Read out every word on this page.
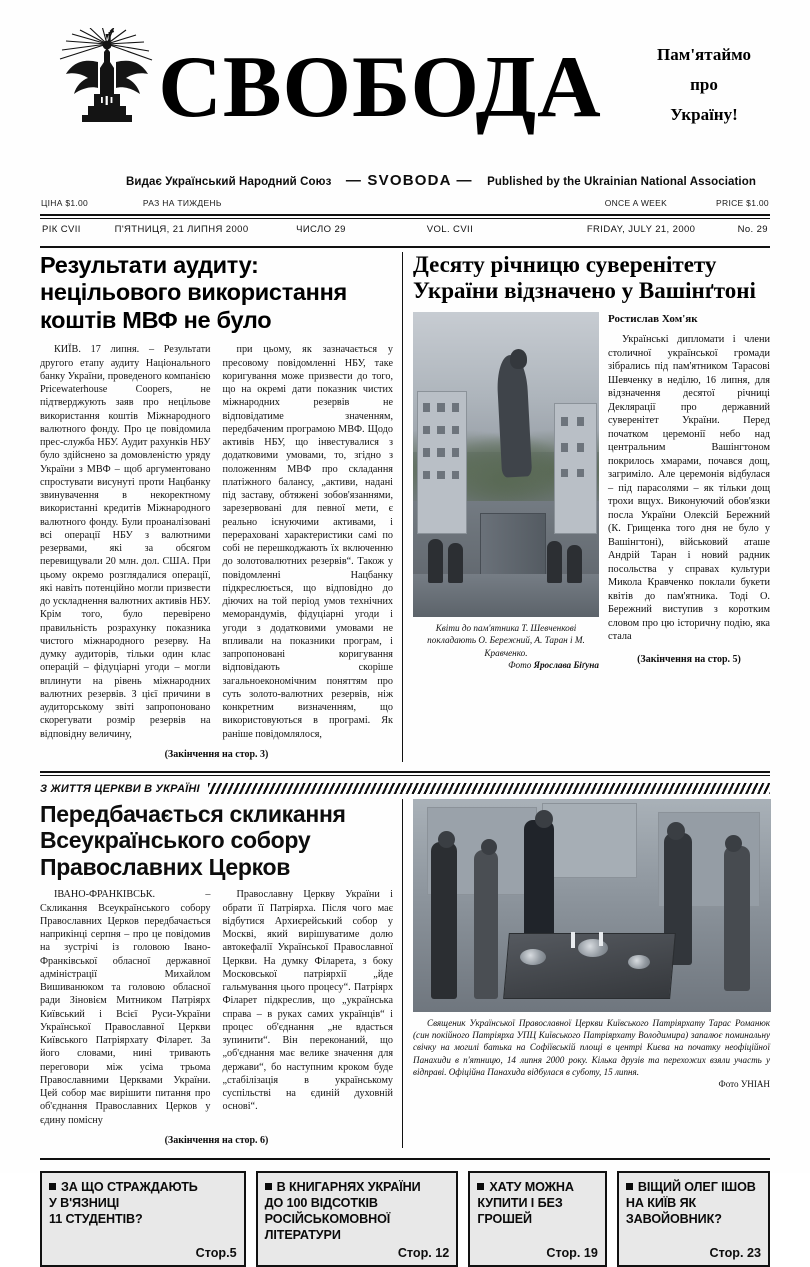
СВОБОДА	Пам'ятаймо
про
Україну!
Видає Український Народний Союз — SVOBODA — Published by the Ukrainian National Association
ЦІНА $1.00	РАЗ НА ТИЖДЕНЬ	ONCE A WEEK	PRICE $1.00
РІК CVII	П'ЯТНИЦЯ, 21 ЛИПНЯ 2000	ЧИСЛО 29	VOL. CVII	FRIDAY, JULY 21, 2000	No. 29
Результати аудиту: нецільового використання коштів МВФ не було

КИЇВ. 17 липня. – Результати другого етапу аудиту Національного банку України, проведеного компанією Pricewaterhouse Coopers, не підтверджують заяв про нецільове використання коштів Міжнародного валютного фонду. Про це повідомила прес-служба НБУ. Аудит рахунків НБУ було здійснено за домовленістю уряду України з МВФ – щоб аргументовано спростувати висунуті проти Нацбанку звинувачення в некоректному використанні кредитів Міжнародного валютного фонду. Були проаналізовані всі операції НБУ з валютними резервами, які за обсягом перевищували 20 млн. дол. США. При цьому окремо розглядалися операції, які навіть потенційно могли призвести до ускладнення валютних активів НБУ. Крім того, було перевірено правильність розрахунку показника чистого міжнародного резерву. На думку аудиторів, тільки один клас операцій – фідуціарні угоди – могли вплинути на рівень міжнародних валютних резервів. З цієї причини в аудиторському звіті запропоновано скорегувати розмір резервів на відповідну величину,

при цьому, як зазначається у пресовому повідомленні НБУ, таке коригування може призвести до того, що на окремі дати показник чистих міжнародних резервів не відповідатиме значенням, передбаченим програмою МВФ. Щодо активів НБУ, що інвестувалися з додатковими умовами, то, згідно з положенням МВФ про складання платіжного балансу, „активи, надані під заставу, обтяжені зобов'язаннями, зарезервовані для певної мети, є реально існуючими активами, і перераховані характеристики самі по собі не перешкоджають їх включенню до золотовалютних резервів“. Також у повідомленні Нацбанку підкреслюється, що відповідно до діючих на той період умов технічних меморандумів, фідуціарні угоди і угоди з додатковими умовами не впливали на показники програм, і запропоновані коригування відповідають скоріше загальноекономічним поняттям про суть золото-валютних резервів, ніж конкретним визначенням, що використовуються в програмі. Як раніше повідомлялося,

(Закінчення на стор. 3)
Десяту річницю суверенітету України відзначено у Вашінґтоні
Квіти до пам'ятника Т. Шевченкові покладають О. Бережний, А. Таран і М. Кравченко.
Фото Ярослава Біґуна
Ростислав Хом'як

Українські дипломати і члени столичної української громади зібрались під пам'ятником Тарасові Шевченку в неділю, 16 липня, для відзначення десятої річниці Декляpaції про державний суверенітет України. Перед початком церемонії небо над центральним Вашінгтоном покрилось хмарами, почався дощ, загриміло. Але церемонія відбулася – під парасолями – як тільки дощ трохи вщух. Виконуючий обов'язки посла України Олексій Бережний (К. Грищенка того дня не було у Вашінгтоні), військовий аташе Андрій Таран і новий радник посольства у справах культури Микола Кравченко поклали букети квітів до пам'ятника. Тоді О. Бережний виступив з коротким словом про цю історичну подію, яка стала

(Закінчення на стор. 5)
З ЖИТТЯ ЦЕРКВИ В УКРАЇНІ
Передбачається скликання Всеукраїнського собору Православних Церков

ІВАНО-ФРАНКІВСЬК. – Скликання Всеукраїнського собору Православних Церков передбачається наприкінці серпня – про це повідомив на зустрічі із головою Івано-Франківської обласної державної адміністрації Михайлом Вишиванюком та головою обласної ради Зіновієм Митником Патріярх Київський і Всієї Руси-України Української Православної Церкви Київського Патріярхату Філарет. За його словами, нині тривають переговори між усіма трьома Православними Церквами України. Цей собор має вирішити питання про об'єднання Православних Церков у єдину помісну

Православну Церкву України і обрати її Патріярха. Після чого має відбутися Архиєрейський собор у Москві, який вирішуватиме долю автокефалії Української Православної Церкви. На думку Філарета, з боку Московської патріярхії „йде гальмування цього процесу“. Патріярх Філарет підкреслив, що „українська справа – в руках самих українців“ і процес об'єднання „не вдасться зупинити“. Він переконаний, що „об'єднання має велике значення для держави“, бо наступним кроком буде „стабілізація в українському суспільстві на єдиній духовній основі“.

(Закінчення на стор. 6)
Священик Української Православної Церкви Київського Патріярхату Тарас Романюк (син покійного Патріярха УПЦ Київського Патріярхату Володимира) запалює поминальну свічку на могилі батька на Софіївській площі в центрі Києва на початку неофіційної Панахиди в п'ятницю, 14 липня 2000 року. Кілька друзів та перехожих взяли участь у відправі. Офіційна Панахида відбулася в суботу, 15 липня.
Фото УНІАН
ЗА ЩО СТРАЖДАЮТЬ
У В'ЯЗНИЦІ
11 СТУДЕНТІВ?
Стор.5
В КНИГАРНЯХ УКРАЇНИ
ДО 100 ВІДСОТКІВ
РОСІЙСЬКОМОВНОЇ
ЛІТЕРАТУРИ
Стор. 12
ХАТУ МОЖНА
КУПИТИ І БЕЗ
ГРОШЕЙ
Стор. 19
ВІЩИЙ ОЛЕГ ІШОВ
НА КИЇВ ЯК
ЗАВОЙОВНИК?
Стор. 23
